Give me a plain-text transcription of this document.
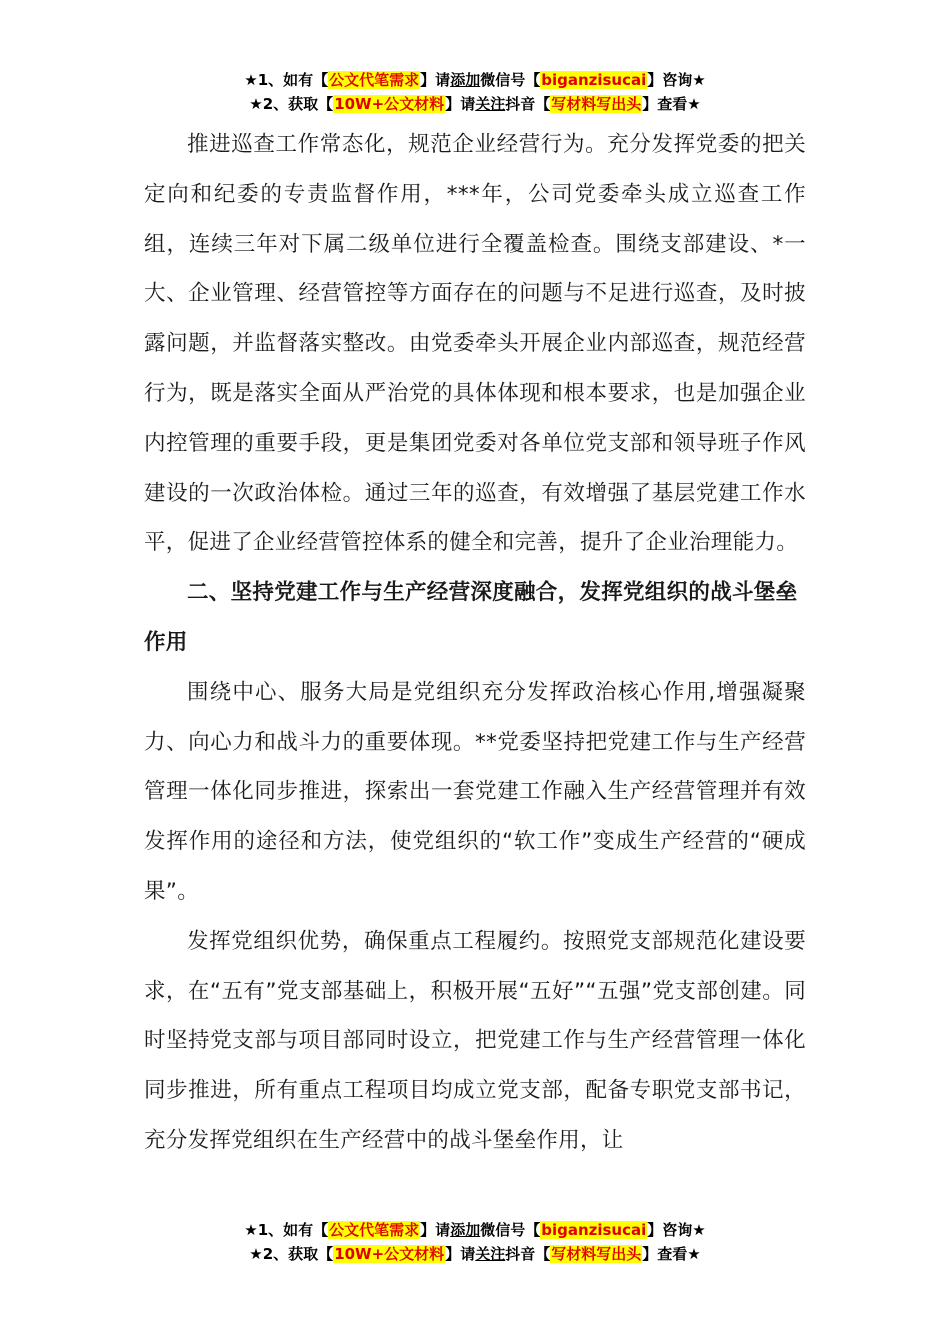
★1、如有【公文代笔需求】请添加微信号【biganzisucai】咨询★
★2、获取【10W+公文材料】请关注抖音【写材料写出头】查看★

推进巡查工作常态化，规范企业经营行为。充分发挥党委的把关定向和纪委的专责监督作用，***年，公司党委牵头成立巡查工作组，连续三年对下属二级单位进行全覆盖检查。围绕支部建设、*一大、企业管理、经营管控等方面存在的问题与不足进行巡查，及时披露问题，并监督落实整改。由党委牵头开展企业内部巡查，规范经营行为，既是落实全面从严治党的具体体现和根本要求，也是加强企业内控管理的重要手段，更是集团党委对各单位党支部和领导班子作风建设的一次政治体检。通过三年的巡查，有效增强了基层党建工作水平，促进了企业经营管控体系的健全和完善，提升了企业治理能力。

二、坚持党建工作与生产经营深度融合，发挥党组织的战斗堡垒作用

围绕中心、服务大局是党组织充分发挥政治核心作用,增强凝聚力、向心力和战斗力的重要体现。**党委坚持把党建工作与生产经营管理一体化同步推进，探索出一套党建工作融入生产经营管理并有效发挥作用的途径和方法，使党组织的“软工作”变成生产经营的“硬成果”。

发挥党组织优势，确保重点工程履约。按照党支部规范化建设要求，在“五有”党支部基础上，积极开展“五好”“五强”党支部创建。同时坚持党支部与项目部同时设立，把党建工作与生产经营管理一体化同步推进，所有重点工程项目均成立党支部，配备专职党支部书记，充分发挥党组织在生产经营中的战斗堡垒作用，让

★1、如有【公文代笔需求】请添加微信号【biganzisucai】咨询★
★2、获取【10W+公文材料】请关注抖音【写材料写出头】查看★
